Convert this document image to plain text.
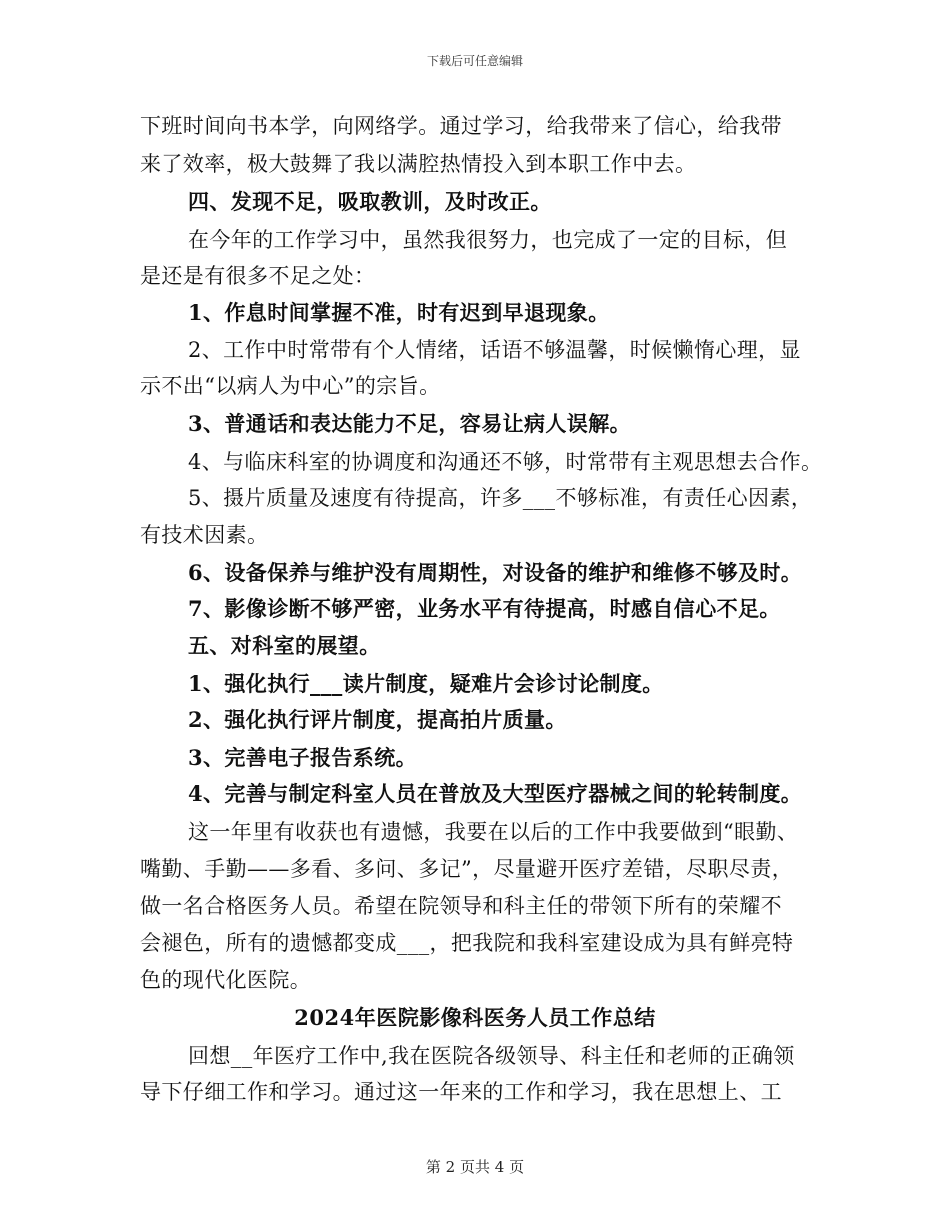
下载后可任意编辑
下班时间向书本学，向网络学。通过学习，给我带来了信心，给我带
来了效率，极大鼓舞了我以满腔热情投入到本职工作中去。
四、发现不足，吸取教训，及时改正。
在今年的工作学习中，虽然我很努力，也完成了一定的目标，但
是还是有很多不足之处：
1、作息时间掌握不准，时有迟到早退现象。
2、工作中时常带有个人情绪，话语不够温馨，时候懒惰心理，显
示不出“以病人为中心”的宗旨。
3、普通话和表达能力不足，容易让病人误解。
4、与临床科室的协调度和沟通还不够，时常带有主观思想去合作。
5、摄片质量及速度有待提高，许多___不够标准，有责任心因素，
有技术因素。
6、设备保养与维护没有周期性，对设备的维护和维修不够及时。
7、影像诊断不够严密，业务水平有待提高，时感自信心不足。
五、对科室的展望。
1、强化执行___读片制度，疑难片会诊讨论制度。
2、强化执行评片制度，提高拍片质量。
3、完善电子报告系统。
4、完善与制定科室人员在普放及大型医疗器械之间的轮转制度。
这一年里有收获也有遗憾，我要在以后的工作中我要做到“眼勤、
嘴勤、手勤——多看、多问、多记”，尽量避开医疗差错，尽职尽责，
做一名合格医务人员。希望在院领导和科主任的带领下所有的荣耀不
会褪色，所有的遗憾都变成___，把我院和我科室建设成为具有鲜亮特
色的现代化医院。
2024年医院影像科医务人员工作总结
回想__年医疗工作中,我在医院各级领导、科主任和老师的正确领
导下仔细工作和学习。通过这一年来的工作和学习，我在思想上、工
第 2 页共 4 页
